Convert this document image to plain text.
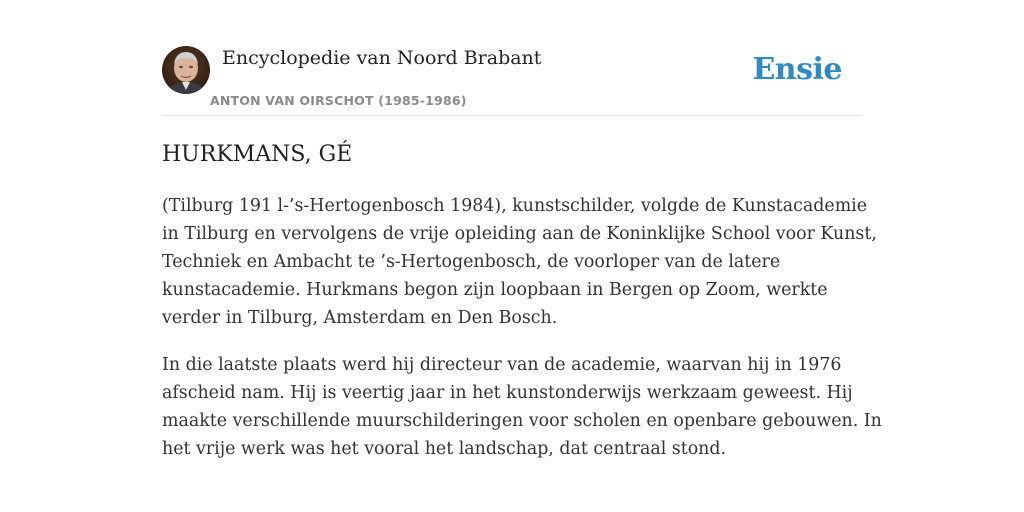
Encyclopedie van Noord Brabant
ANTON VAN OIRSCHOT (1985-1986)
Ensie
HURKMANS, GÉ

(Tilburg 191 l-’s-Hertogenbosch 1984), kunstschilder, volgde de Kunstacademie
in Tilburg en vervolgens de vrije opleiding aan de Koninklijke School voor Kunst,
Techniek en Ambacht te ’s-Hertogenbosch, de voorloper van de latere
kunstacademie. Hurkmans begon zijn loopbaan in Bergen op Zoom, werkte
verder in Tilburg, Amsterdam en Den Bosch.

In die laatste plaats werd hij directeur van de academie, waarvan hij in 1976
afscheid nam. Hij is veertig jaar in het kunstonderwijs werkzaam geweest. Hij
maakte verschillende muurschilderingen voor scholen en openbare gebouwen. In
het vrije werk was het vooral het landschap, dat centraal stond.
